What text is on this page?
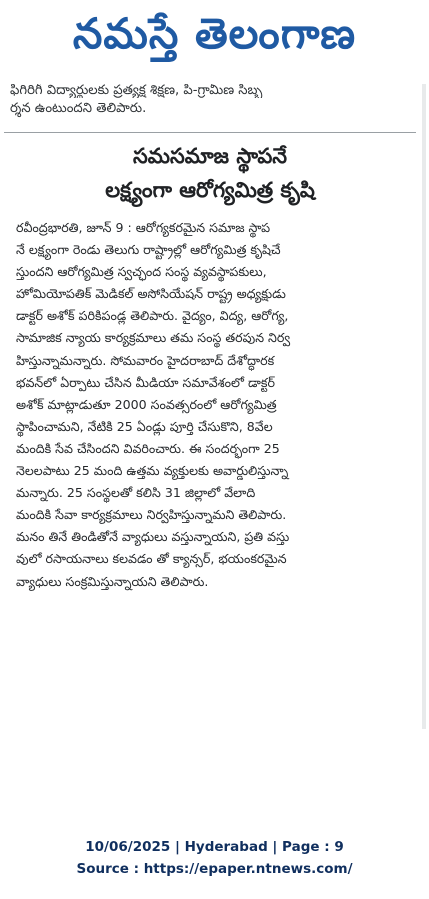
నమస్తే తెలంగాణ
ఫిగిరిగీ విద్యార్థులకు ప్రత్యక్ష శిక్షణ, పి-గ్రామీణ సిబ్బ
ర్శన ఉంటుందని తెలిపారు.
సమసమాజ స్థాపనే
లక్ష్యంగా ఆరోగ్యమిత్ర కృషి
రవీంద్రభారతి, జూన్ 9 : ఆరోగ్యకరమైన సమాజ స్థాప
నే లక్ష్యంగా రెండు తెలుగు రాష్ట్రాల్లో ఆరోగ్యమిత్ర కృషిచే
స్తుందని ఆరోగ్యమిత్ర స్వచ్ఛంద సంస్థ వ్యవస్థాపకులు,
హోమియోపతిక్ మెడికల్ అసోసియేషన్ రాష్ట్ర అధ్యక్షుడు
డాక్టర్ అశోక్ పరికిపండ్ల తెలిపారు. వైద్యం, విద్య, ఆరోగ్య,
సామాజిక న్యాయ కార్యక్రమాలు తమ సంస్థ తరపున నిర్వ
హిస్తున్నామన్నారు. సోమవారం హైదరాబాద్ దేశోద్ధారక
భవన్‌లో ఏర్పాటు చేసిన మీడియా సమావేశంలో డాక్టర్
అశోక్ మాట్లాడుతూ 2000 సంవత్సరంలో ఆరోగ్యమిత్ర
స్థాపించామని, నేటికి 25 ఏండ్లు పూర్తి చేసుకొని, 8వేల
మందికి సేవ చేసిందని వివరించారు. ఈ సందర్భంగా 25
నెలలపాటు 25 మంది ఉత్తమ వ్యక్తులకు అవార్డులిస్తున్నా
మన్నారు. 25 సంస్థలతో కలిసి 31 జిల్లాలో వేలాది
మందికి సేవా కార్యక్రమాలు నిర్వహిస్తున్నామని తెలిపారు.
మనం తినే తిండితోనే వ్యాధులు వస్తున్నాయని, ప్రతి వస్తు
వులో రసాయనాలు కలవడం తో క్యాన్సర్, భయంకరమైన
వ్యాధులు సంక్రమిస్తున్నాయని తెలిపారు.
10/06/2025 | Hyderabad | Page : 9
Source : https://epaper.ntnews.com/
